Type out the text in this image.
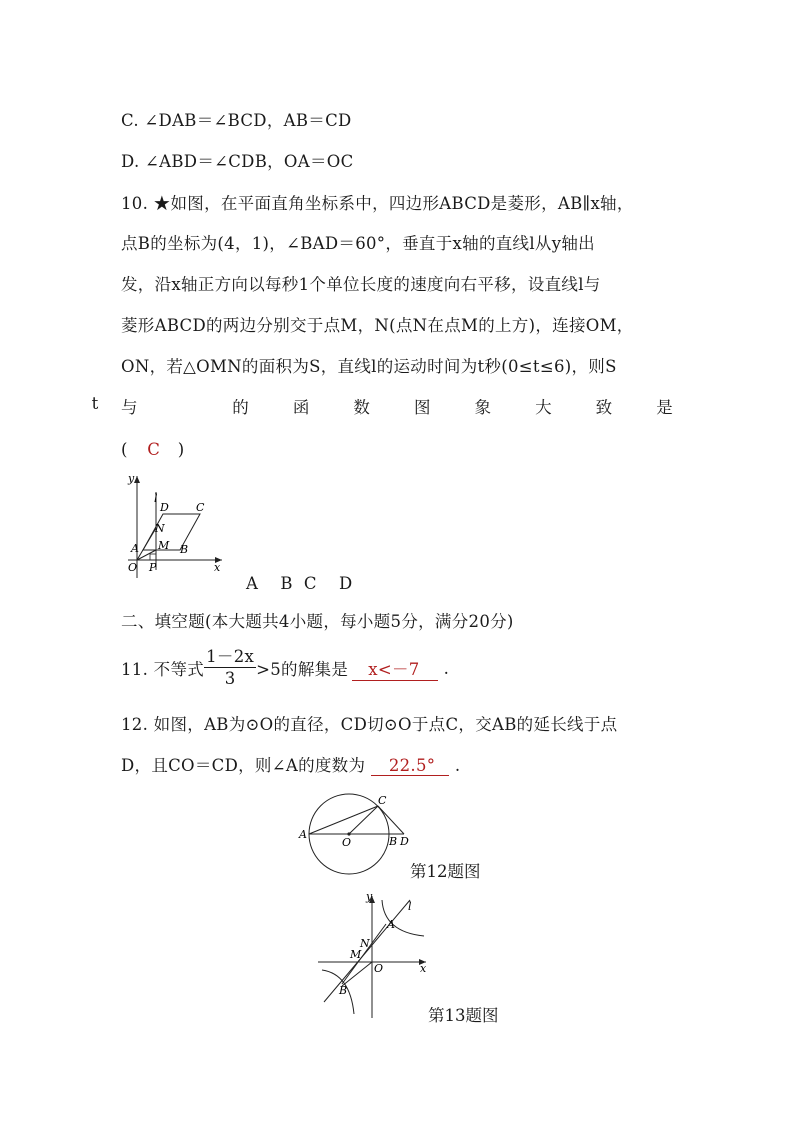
C. ∠DAB＝∠BCD，AB＝CD
D. ∠ABD＝∠CDB，OA＝OC
10. ★如图，在平面直角坐标系中，四边形ABCD是菱形，AB∥x轴，
点B的坐标为(4，1)，∠BAD＝60°，垂直于x轴的直线l从y轴出
发，沿x轴正方向以每秒1个单位长度的速度向右平移，设直线l与
菱形ABCD的两边分别交于点M，N(点N在点M的上方)，连接OM，
ON，若△OMN的面积为S，直线l的运动时间为t秒(0≤t≤6)，则S
与
t	的	函	数	图	象	大	致	是
( C )
y
l
D C
N
M
A	B
O P	x
A    B  C    D
二、填空题(本大题共4小题，每小题5分，满分20分)
11. 不等式 $\frac{1-2x}{3} >5$的解集是	x<－7	.
12. 如图，AB为⊙O的直径，CD切⊙O于点C，交AB的延长线于点
D，且CO＝CD，则∠A的度数为 22.5° .
A
O
C
B D
第12题图
y
l
A
N
M
O
B
x
第13题图
